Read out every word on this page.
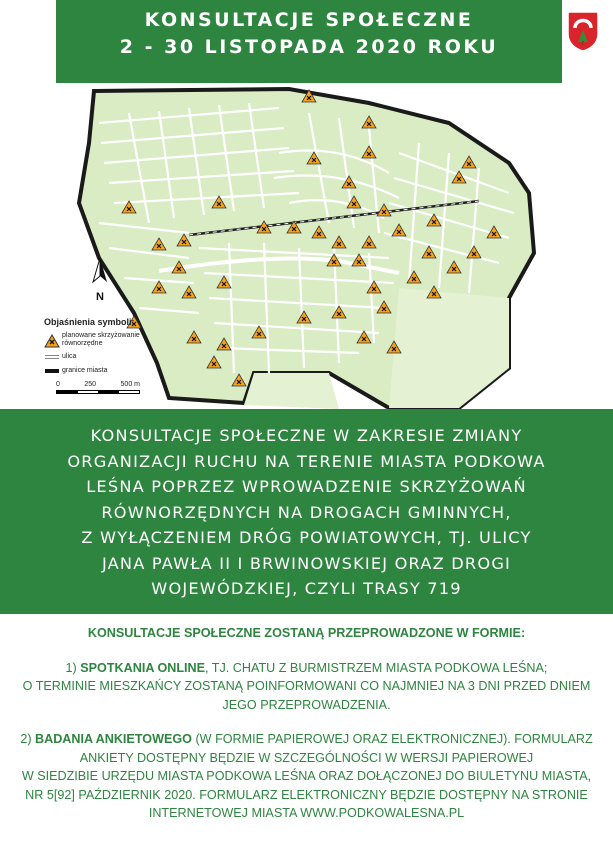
KONSULTACJE SPOŁECZNE
2 - 30 LISTOPADA 2020 ROKU
N
Objaśnienia symboli:
planowane skrzyżowanie
równorzędne
ulica
granice miasta
0	250	500 m
KONSULTACJE SPOŁECZNE W ZAKRESIE ZMIANY
ORGANIZACJI RUCHU NA TERENIE MIASTA PODKOWA
LEŚNA POPRZEZ WPROWADZENIE SKRZYŻOWAŃ
RÓWNORZĘDNYCH NA DROGACH GMINNYCH,
Z WYŁĄCZENIEM DRÓG POWIATOWYCH, TJ. ULICY
JANA PAWŁA II I BRWINOWSKIEJ ORAZ DROGI
WOJEWÓDZKIEJ, CZYLI TRASY 719
KONSULTACJE SPOŁECZNE ZOSTANĄ PRZEPROWADZONE W FORMIE:
1) SPOTKANIA ONLINE, TJ. CHATU Z BURMISTRZEM MIASTA PODKOWA LEŚNA;
O TERMINIE MIESZKAŃCY ZOSTANĄ POINFORMOWANI CO NAJMNIEJ NA 3 DNI PRZED DNIEM
JEGO PRZEPROWADZENIA.
2) BADANIA ANKIETOWEGO (W FORMIE PAPIEROWEJ ORAZ ELEKTRONICZNEJ). FORMULARZ
ANKIETY DOSTĘPNY BĘDZIE W SZCZEGÓLNOŚCI W WERSJI PAPIEROWEJ
W SIEDZIBIE URZĘDU MIASTA PODKOWA LEŚNA ORAZ DOŁĄCZONEJ DO BIULETYNU MIASTA,
NR 5[92] PAŹDZIERNIK 2020. FORMULARZ ELEKTRONICZNY BĘDZIE DOSTĘPNY NA STRONIE
INTERNETOWEJ MIASTA WWW.PODKOWALESNA.PL
